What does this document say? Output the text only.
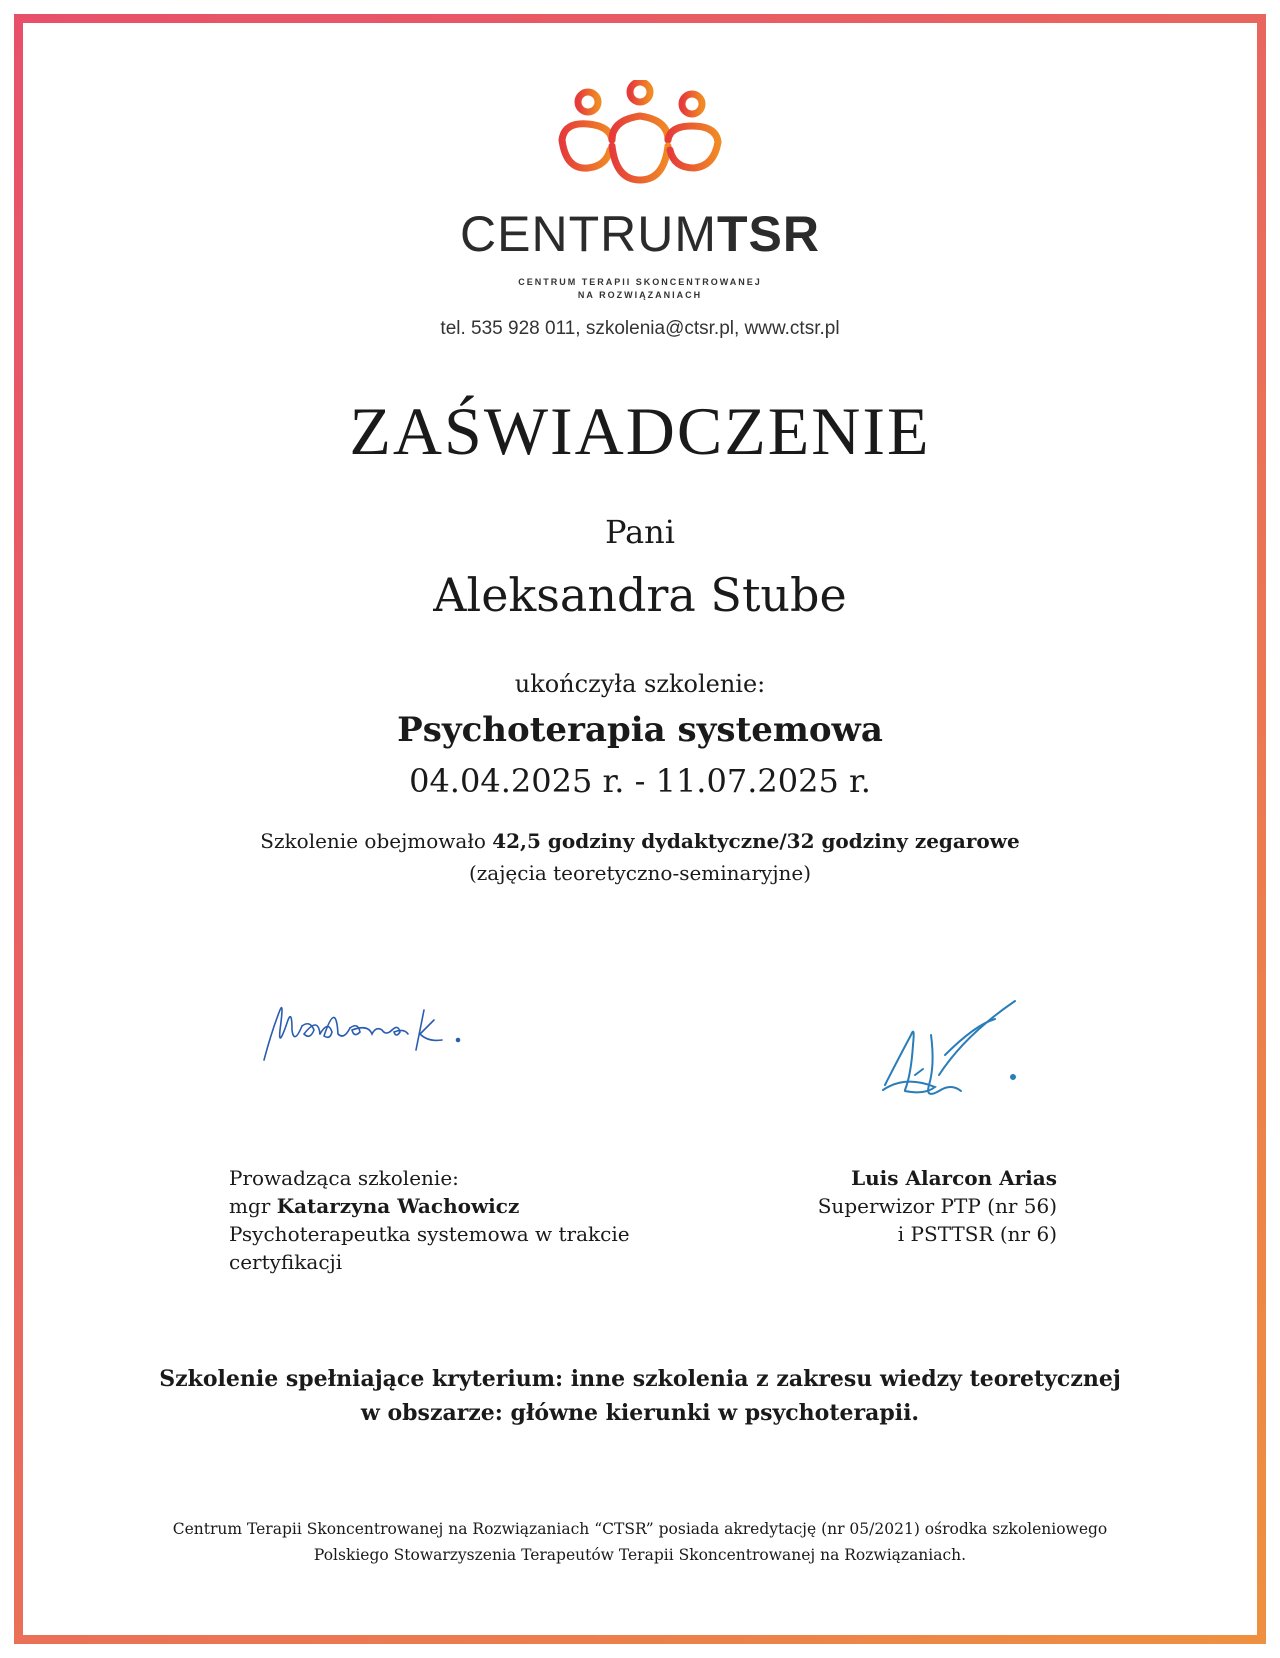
CENTRUMTSR
CENTRUM TERAPII SKONCENTROWANEJ
NA ROZWIĄZANIACH
tel. 535 928 011, szkolenia@ctsr.pl, www.ctsr.pl
ZAŚWIADCZENIE
Pani
Aleksandra Stube
ukończyła szkolenie:
Psychoterapia systemowa
04.04.2025 r. - 11.07.2025 r.
Szkolenie obejmowało 42,5 godziny dydaktyczne/32 godziny zegarowe
(zajęcia teoretyczno-seminaryjne)
Prowadząca szkolenie:
mgr Katarzyna Wachowicz
Psychoterapeutka systemowa w trakcie
certyfikacji
Luis Alarcon Arias
Superwizor PTP (nr 56)
i PSTTSR (nr 6)
Szkolenie spełniające kryterium: inne szkolenia z zakresu wiedzy teoretycznej
w obszarze: główne kierunki w psychoterapii.
Centrum Terapii Skoncentrowanej na Rozwiązaniach “CTSR” posiada akredytację (nr 05/2021) ośrodka szkoleniowego
Polskiego Stowarzyszenia Terapeutów Terapii Skoncentrowanej na Rozwiązaniach.
